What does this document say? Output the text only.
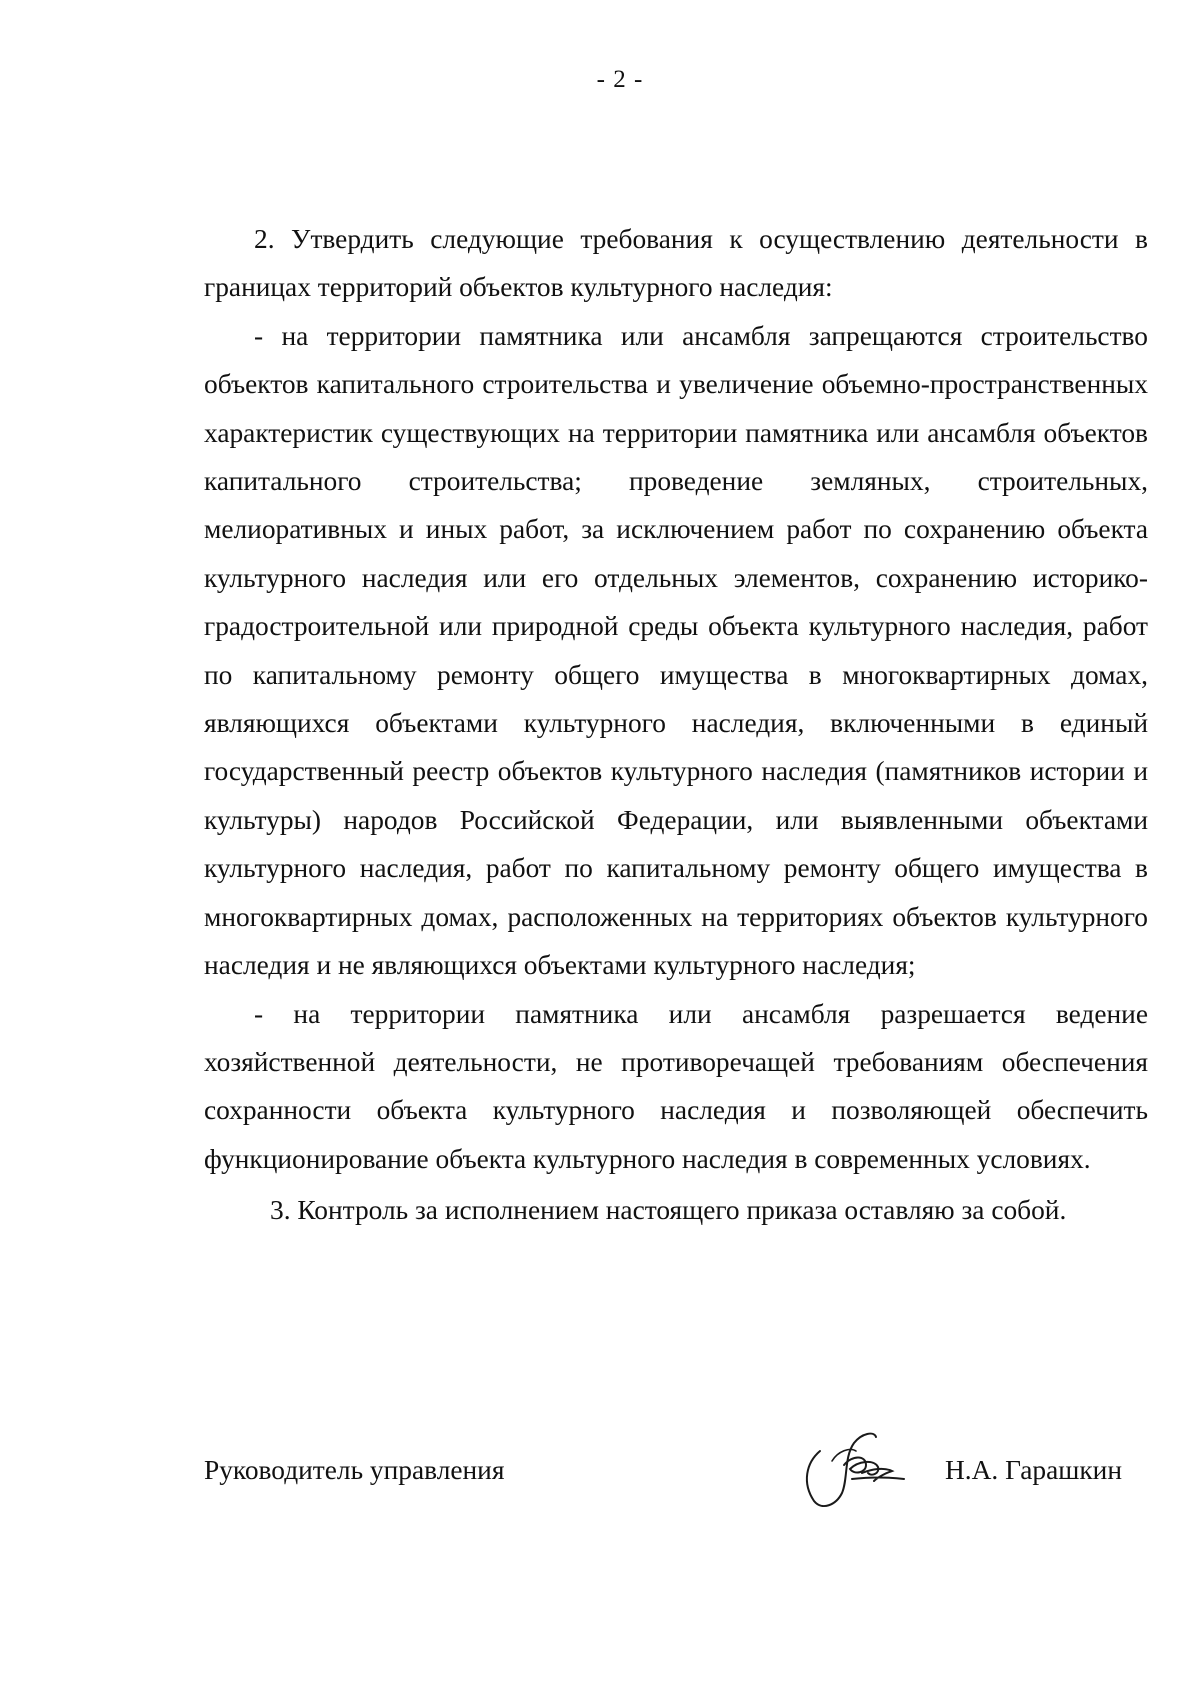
- 2 -

2. Утвердить следующие требования к осуществлению деятельности в границах территорий объектов культурного наследия:

- на территории памятника или ансамбля запрещаются строительство объектов капитального строительства и увеличение объемно-пространственных характеристик существующих на территории памятника или ансамбля объектов капитального строительства; проведение земляных, строительных, мелиоративных и иных работ, за исключением работ по сохранению объекта культурного наследия или его отдельных элементов, сохранению историко-градостроительной или природной среды объекта культурного наследия, работ по капитальному ремонту общего имущества в многоквартирных домах, являющихся объектами культурного наследия, включенными в единый государственный реестр объектов культурного наследия (памятников истории и культуры) народов Российской Федерации, или выявленными объектами культурного наследия, работ по капитальному ремонту общего имущества в многоквартирных домах, расположенных на территориях объектов культурного наследия и не являющихся объектами культурного наследия;

- на территории памятника или ансамбля разрешается ведение хозяйственной деятельности, не противоречащей требованиям обеспечения сохранности объекта культурного наследия и позволяющей обеспечить функционирование объекта культурного наследия в современных условиях.

3. Контроль за исполнением настоящего приказа оставляю за собой.

Руководитель управления	Н.А. Гарашкин
